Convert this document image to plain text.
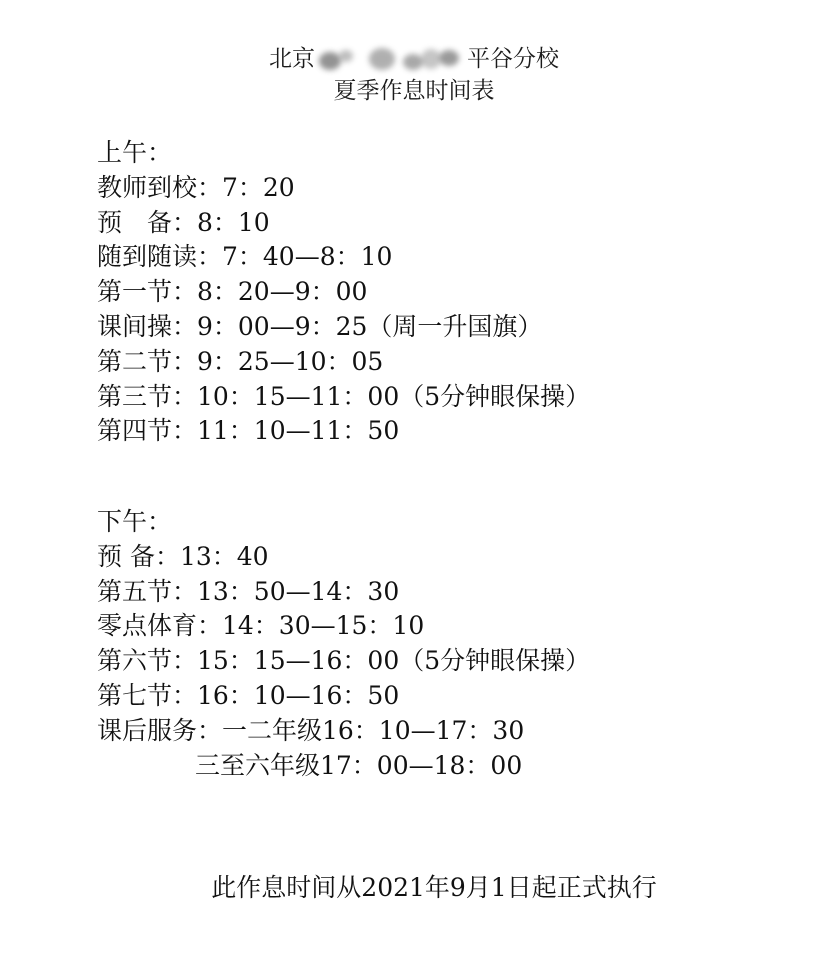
北京	平谷分校
夏季作息时间表
上午：
教师到校：7：20
预　备：8：10
随到随读：7：40—8：10
第一节：8：20—9：00
课间操：9：00—9：25（周一升国旗）
第二节：9：25—10：05
第三节：10：15—11：00（5分钟眼保操）
第四节：11：10—11：50
下午：
预 备：13：40
第五节：13：50—14：30
零点体育：14：30—15：10
第六节：15：15—16：00（5分钟眼保操）
第七节：16：10—16：50
课后服务：一二年级16：10—17：30
三至六年级17：00—18：00
此作息时间从2021年9月1日起正式执行
